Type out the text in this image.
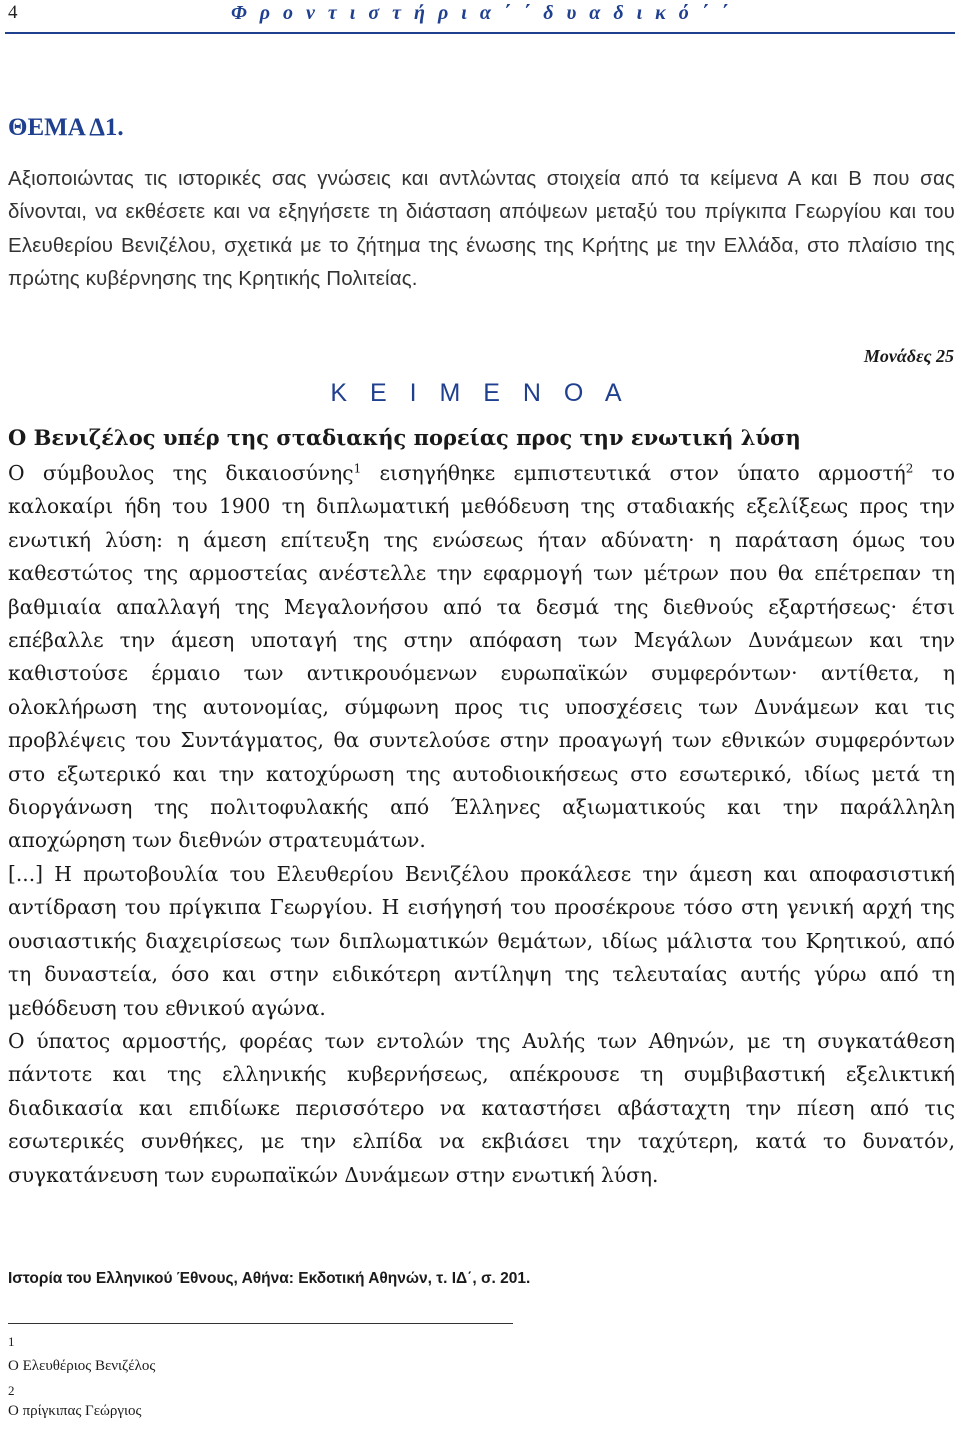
4	Φ ρ ο ν τ ι σ τ ή ρ ι α ΄ ΄ δ υ α δ ι κ ό ΄ ΄
ΘΕΜΑ Δ1.
Αξιοποιώντας τις ιστορικές σας γνώσεις και αντλώντας στοιχεία από τα κείμενα Α και Β που σας δίνονται, να εκθέσετε και να εξηγήσετε τη διάσταση απόψεων μεταξύ του πρίγκιπα Γεωργίου και του Ελευθερίου Βενιζέλου, σχετικά με το ζήτημα της ένωσης της Κρήτης με την Ελλάδα, στο πλαίσιο της πρώτης κυβέρνησης της Κρητικής Πολιτείας.
Μονάδες 25
Κ Ε Ι Μ Ε Ν Ο Α
Ο Βενιζέλος υπέρ της σταδιακής πορείας προς την ενωτική λύση

Ο σύμβουλος της δικαιοσύνης$^1$ εισηγήθηκε εμπιστευτικά στον ύπατο αρμοστή$^2$ το καλοκαίρι ήδη του 1900 τη διπλωματική μεθόδευση της σταδιακής εξελίξεως προς την ενωτική λύση: η άμεση επίτευξη της ενώσεως ήταν αδύνατη· η παράταση όμως του καθεστώτος της αρμοστείας ανέστελλε την εφαρμογή των μέτρων που θα επέτρεπαν τη βαθμιαία απαλλαγή της Μεγαλονήσου από τα δεσμά της διεθνούς εξαρτήσεως· έτσι επέβαλλε την άμεση υποταγή της στην απόφαση των Μεγάλων Δυνάμεων και την καθιστούσε έρμαιο των αντικρουόμενων ευρωπαϊκών συμφερόντων· αντίθετα, η ολοκλήρωση της αυτονομίας, σύμφωνη προς τις υποσχέσεις των Δυνάμεων και τις προβλέψεις του Συντάγματος, θα συντελούσε στην προαγωγή των εθνικών συμφερόντων στο εξωτερικό και την κατοχύρωση της αυτοδιοικήσεως στο εσωτερικό, ιδίως μετά τη διοργάνωση της πολιτοφυλακής από Έλληνες αξιωματικούς και την παράλληλη αποχώρηση των διεθνών στρατευμάτων.

[...] Η πρωτοβουλία του Ελευθερίου Βενιζέλου προκάλεσε την άμεση και αποφασιστική αντίδραση του πρίγκιπα Γεωργίου. Η εισήγησή του προσέκρουε τόσο στη γενική αρχή της ουσιαστικής διαχειρίσεως των διπλωματικών θεμάτων, ιδίως μάλιστα του Κρητικού, από τη δυναστεία, όσο και στην ειδικότερη αντίληψη της τελευταίας αυτής γύρω από τη μεθόδευση του εθνικού αγώνα.

Ο ύπατος αρμοστής, φορέας των εντολών της Αυλής των Αθηνών, με τη συγκατάθεση πάντοτε και της ελληνικής κυβερνήσεως, απέκρουσε τη συμβιβαστική εξελικτική διαδικασία και επιδίωκε περισσότερο να καταστήσει αβάσταχτη την πίεση από τις εσωτερικές συνθήκες, με την ελπίδα να εκβιάσει την ταχύτερη, κατά το δυνατόν, συγκατάνευση των ευρωπαϊκών Δυνάμεων στην ενωτική λύση.

Ιστορία του Ελληνικού Έθνους, Αθήνα: Εκδοτική Αθηνών, τ. ΙΔ΄, σ. 201.
1
Ο Ελευθέριος Βενιζέλος
2
Ο πρίγκιπας Γεώργιος
